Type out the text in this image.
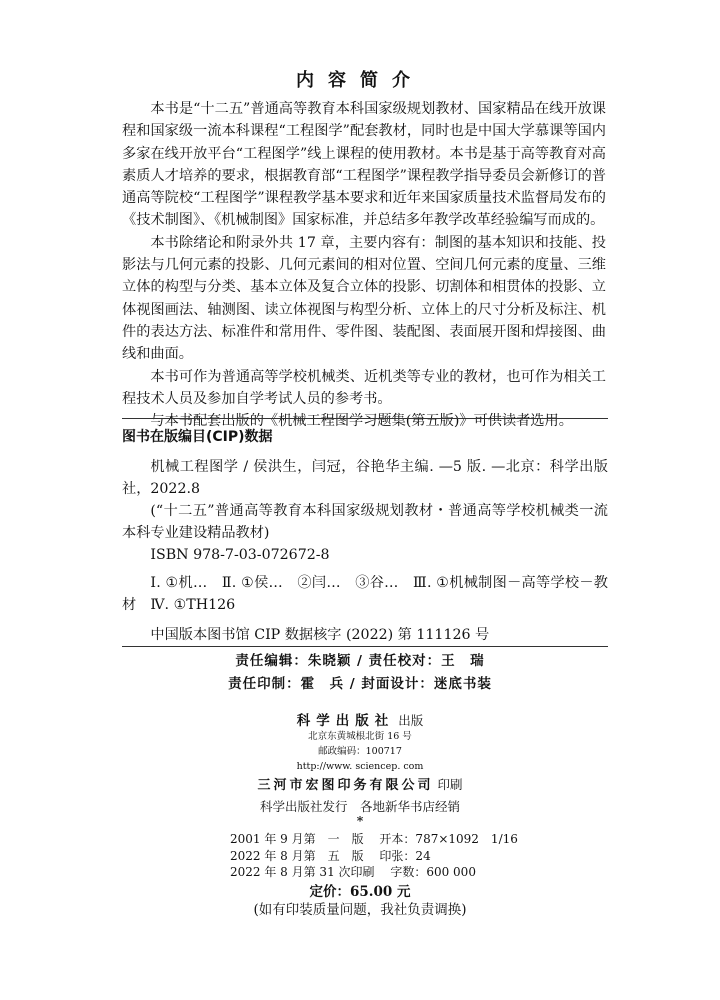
内容简介

本书是“十二五”普通高等教育本科国家级规划教材、国家精品在线开放课程和国家级一流本科课程“工程图学”配套教材，同时也是中国大学慕课等国内多家在线开放平台“工程图学”线上课程的使用教材。本书是基于高等教育对高素质人才培养的要求，根据教育部“工程图学”课程教学指导委员会新修订的普通高等院校“工程图学”课程教学基本要求和近年来国家质量技术监督局发布的《技术制图》、《机械制图》国家标准，并总结多年教学改革经验编写而成的。

本书除绪论和附录外共 17 章，主要内容有：制图的基本知识和技能、投影法与几何元素的投影、几何元素间的相对位置、空间几何元素的度量、三维立体的构型与分类、基本立体及复合立体的投影、切割体和相贯体的投影、立体视图画法、轴测图、读立体视图与构型分析、立体上的尺寸分析及标注、机件的表达方法、标准件和常用件、零件图、装配图、表面展开图和焊接图、曲线和曲面。

本书可作为普通高等学校机械类、近机类等专业的教材，也可作为相关工程技术人员及参加自学考试人员的参考书。

与本书配套出版的《机械工程图学习题集(第五版)》可供读者选用。

图书在版编目(CIP)数据

机械工程图学 / 侯洪生，闫冠，谷艳华主编. —5 版. —北京：科学出版社，2022.8

(“十二五”普通高等教育本科国家级规划教材・普通高等学校机械类一流本科专业建设精品教材)

ISBN 978-7-03-072672-8

Ⅰ. ①机…　Ⅱ. ①侯…　②闫…　③谷…　Ⅲ. ①机械制图－高等学校－教材　Ⅳ. ①TH126

中国版本图书馆 CIP 数据核字 (2022) 第 111126 号

责任编辑：朱晓颖 / 责任校对：王　瑞
责任印制：霍　兵 / 封面设计：迷底书装
科学出版社 出版
北京东黄城根北街 16 号
邮政编码：100717
http://www. sciencep. com
三河市宏图印务有限公司 印刷
科学出版社发行　各地新华书店经销
*
2001 年 9 月第　一　版　 开本：787×1092　1/16
2022 年 8 月第　五　版　 印张：24
2022 年 8 月第 31 次印刷　 字数：600 000
定价：65.00 元
(如有印装质量问题，我社负责调换)
